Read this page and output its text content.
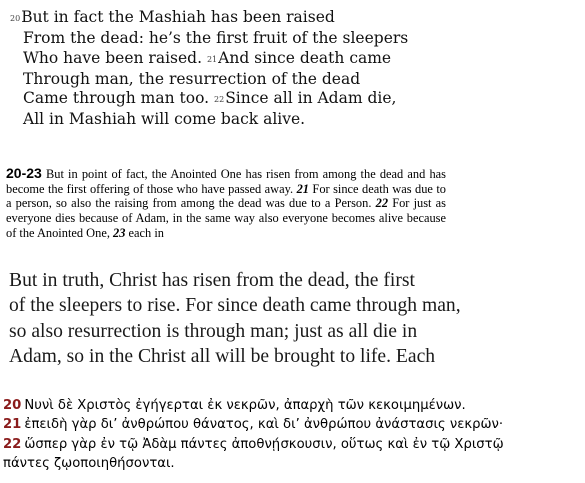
$^{20}$But in fact the Mashiah has been raised
From the dead: he’s the first fruit of the sleepers
Who have been raised. $^{21}$And since death came
Through man, the resurrection of the dead
Came through man too. $^{22}$Since all in Adam die,
All in Mashiah will come back alive.
20-23 But in point of fact, the Anointed One has risen from among the dead and has become the first offering of those who have passed away. 21 For since death was due to a person, so also the raising from among the dead was due to a Person. 22 For just as everyone dies because of Adam, in the same way also everyone becomes alive because of the Anointed One, 23 each in
But in truth, Christ has risen from the dead, the first
of the sleepers to rise. For since death came through man,
so also resurrection is through man; just as all die in
Adam, so in the Christ all will be brought to life. Each
20 Νυνὶ δὲ Χριστὸς ἐγήγερται ἐκ νεκρῶν, ἀπαρχὴ τῶν κεκοιμημένων.
21 ἐπειδὴ γὰρ δι’ ἀνθρώπου θάνατος, καὶ δι’ ἀνθρώπου ἀνάστασις νεκρῶν·
22 ὥσπερ γὰρ ἐν τῷ Ἀδὰμ πάντες ἀποθνῄσκουσιν, οὕτως καὶ ἐν τῷ Χριστῷ
πάντες ζῳοποιηθήσονται.
